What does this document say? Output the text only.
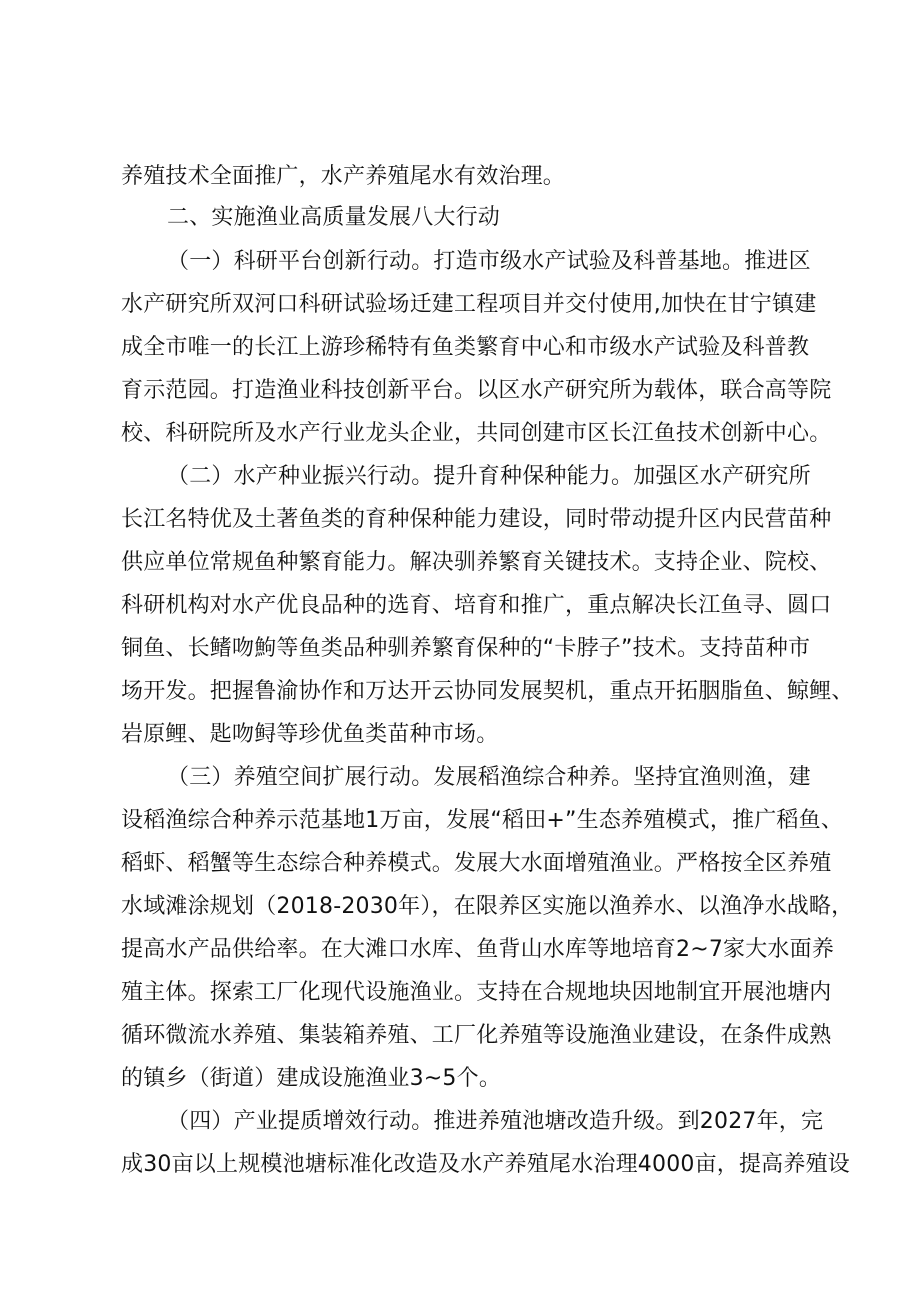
养殖技术全面推广，水产养殖尾水有效治理。
二、实施渔业高质量发展八大行动
（一）科研平台创新行动。打造市级水产试验及科普基地。推进区
水产研究所双河口科研试验场迁建工程项目并交付使用,加快在甘宁镇建
成全市唯一的长江上游珍稀特有鱼类繁育中心和市级水产试验及科普教
育示范园。打造渔业科技创新平台。以区水产研究所为载体，联合高等院
校、科研院所及水产行业龙头企业，共同创建市区长江鱼技术创新中心。
（二）水产种业振兴行动。提升育种保种能力。加强区水产研究所
长江名特优及土著鱼类的育种保种能力建设，同时带动提升区内民营苗种
供应单位常规鱼种繁育能力。解决驯养繁育关键技术。支持企业、院校、
科研机构对水产优良品种的选育、培育和推广，重点解决长江鱼寻、圆口
铜鱼、长鳍吻鮈等鱼类品种驯养繁育保种的“卡脖子”技术。支持苗种市
场开发。把握鲁渝协作和万达开云协同发展契机，重点开拓胭脂鱼、鲸鲤、
岩原鲤、匙吻鲟等珍优鱼类苗种市场。
（三）养殖空间扩展行动。发展稻渔综合种养。坚持宜渔则渔，建
设稻渔综合种养示范基地1万亩，发展“稻田+”生态养殖模式，推广稻鱼、
稻虾、稻蟹等生态综合种养模式。发展大水面增殖渔业。严格按全区养殖
水域滩涂规划（2018-2030年），在限养区实施以渔养水、以渔净水战略，
提高水产品供给率。在大滩口水库、鱼背山水库等地培育2~7家大水面养
殖主体。探索工厂化现代设施渔业。支持在合规地块因地制宜开展池塘内
循环微流水养殖、集装箱养殖、工厂化养殖等设施渔业建设，在条件成熟
的镇乡（街道）建成设施渔业3~5个。
（四）产业提质增效行动。推进养殖池塘改造升级。到2027年，完
成30亩以上规模池塘标准化改造及水产养殖尾水治理4000亩，提高养殖设
